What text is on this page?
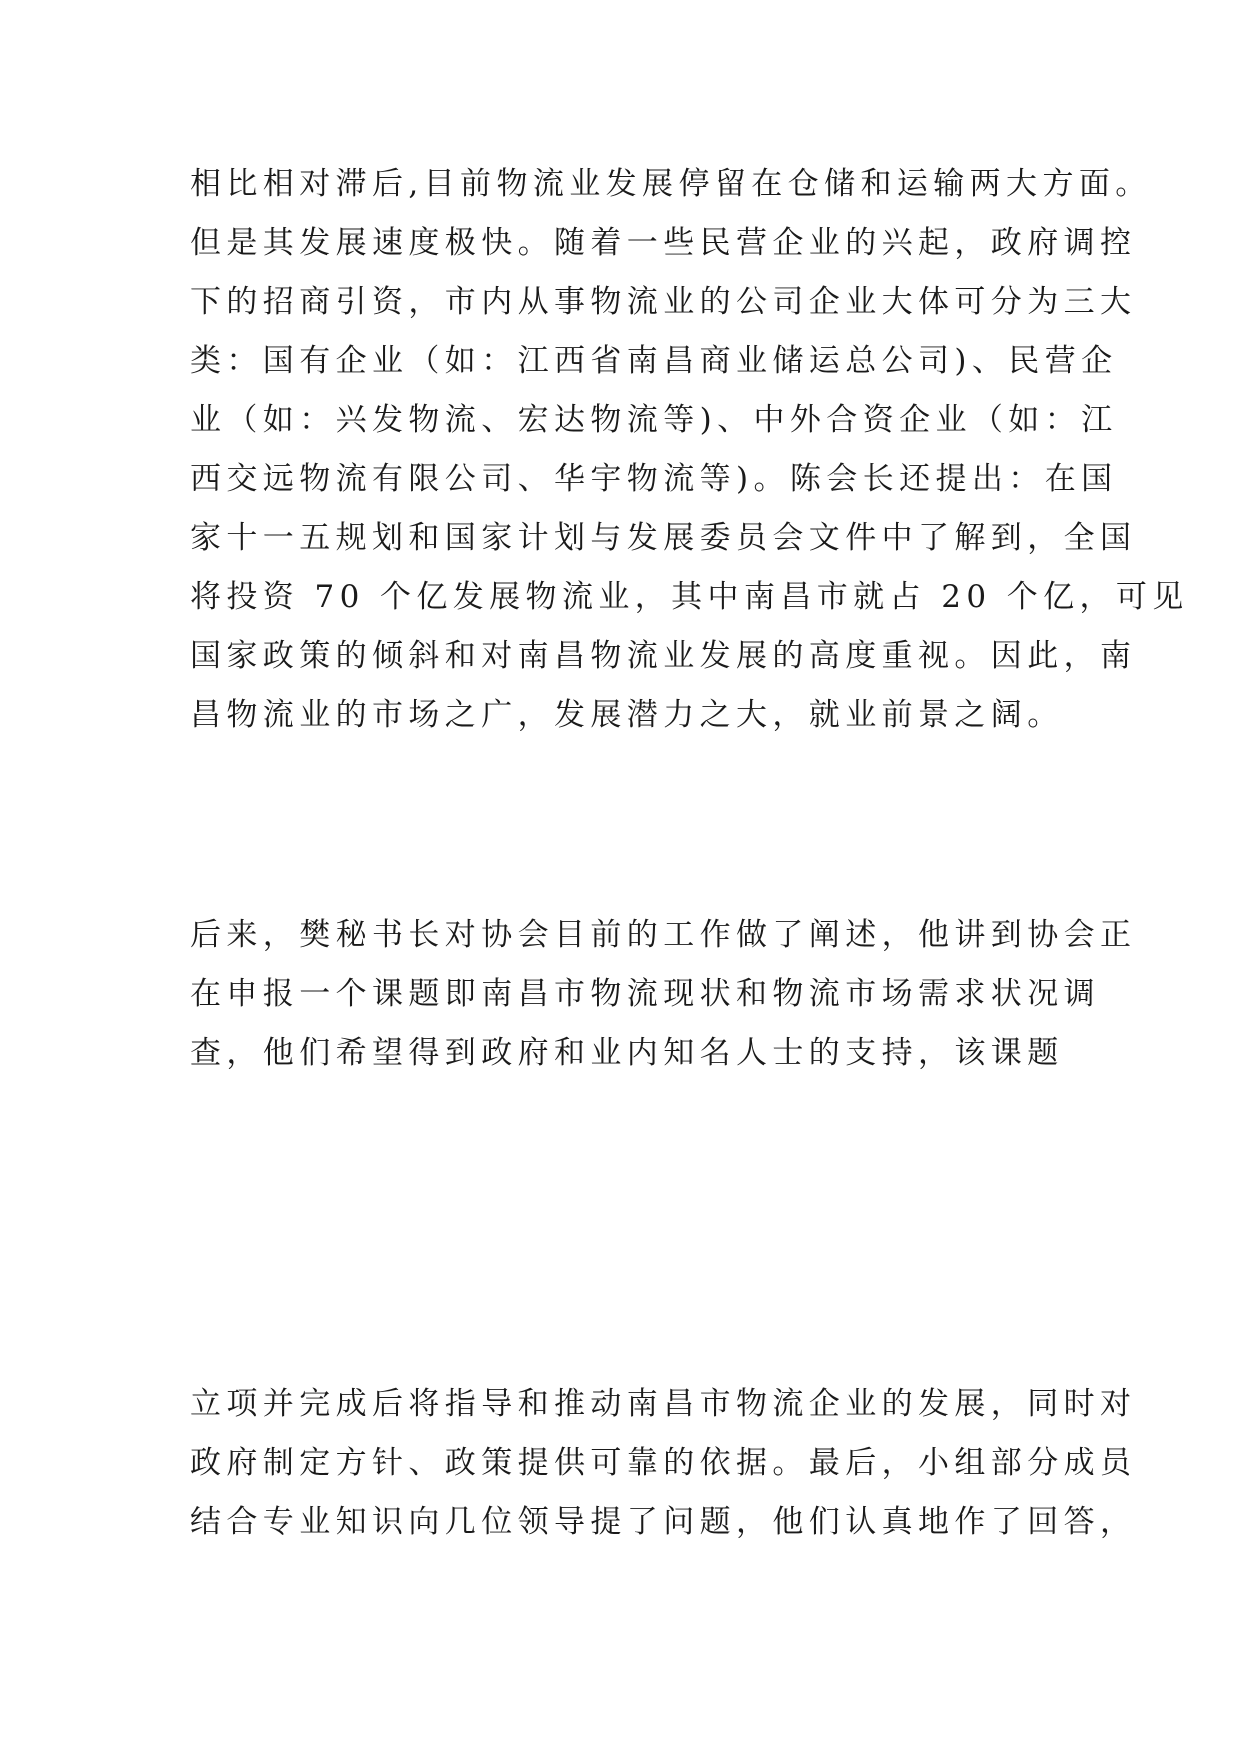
相比相对滞后,目前物流业发展停留在仓储和运输两大方面。
但是其发展速度极快。随着一些民营企业的兴起，政府调控
下的招商引资，市内从事物流业的公司企业大体可分为三大
类：国有企业（如：江西省南昌商业储运总公司)、民营企
业（如：兴发物流、宏达物流等)、中外合资企业（如：江
西交远物流有限公司、华宇物流等)。陈会长还提出：在国
家十一五规划和国家计划与发展委员会文件中了解到，全国
将投资 70 个亿发展物流业，其中南昌市就占 20 个亿，可见
国家政策的倾斜和对南昌物流业发展的高度重视。因此，南
昌物流业的市场之广，发展潜力之大，就业前景之阔。
后来，樊秘书长对协会目前的工作做了阐述，他讲到协会正
在申报一个课题即南昌市物流现状和物流市场需求状况调
查，他们希望得到政府和业内知名人士的支持，该课题
立项并完成后将指导和推动南昌市物流企业的发展，同时对
政府制定方针、政策提供可靠的依据。最后，小组部分成员
结合专业知识向几位领导提了问题，他们认真地作了回答，
